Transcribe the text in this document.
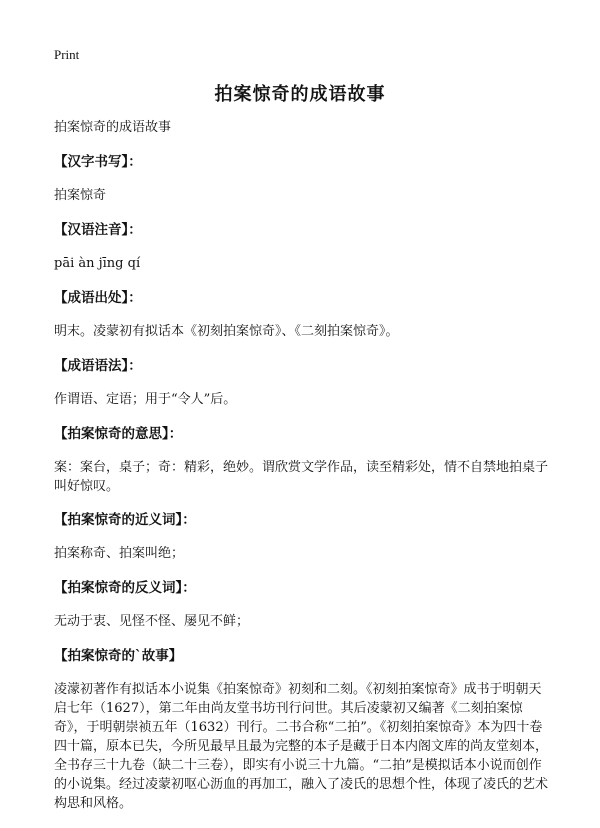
Print
拍案惊奇的成语故事

拍案惊奇的成语故事

【汉字书写】：

拍案惊奇

【汉语注音】：

pāi àn jīng qí

【成语出处】：

明末。凌蒙初有拟话本《初刻拍案惊奇》、《二刻拍案惊奇》。

【成语语法】：

作谓语、定语；用于“令人”后。

【拍案惊奇的意思】：

案：案台，桌子；奇：精彩，绝妙。谓欣赏文学作品，读至精彩处，情不自禁地拍桌子叫好惊叹。

【拍案惊奇的近义词】：

拍案称奇、拍案叫绝；

【拍案惊奇的反义词】：

无动于衷、见怪不怪、屡见不鲜；

【拍案惊奇的`故事】

凌濛初著作有拟话本小说集《拍案惊奇》初刻和二刻。《初刻拍案惊奇》成书于明朝天启七年（1627），第二年由尚友堂书坊刊行问世。其后凌蒙初又编著《二刻拍案惊奇》，于明朝崇祯五年（1632）刊行。二书合称“二拍”。《初刻拍案惊奇》本为四十卷四十篇，原本已失，今所见最早且最为完整的本子是藏于日本内阁文库的尚友堂刻本，全书存三十九卷（缺二十三卷），即实有小说三十九篇。“二拍”是模拟话本小说而创作的小说集。经过凌蒙初呕心沥血的再加工，融入了凌氏的思想个性，体现了凌氏的艺术构思和风格。
